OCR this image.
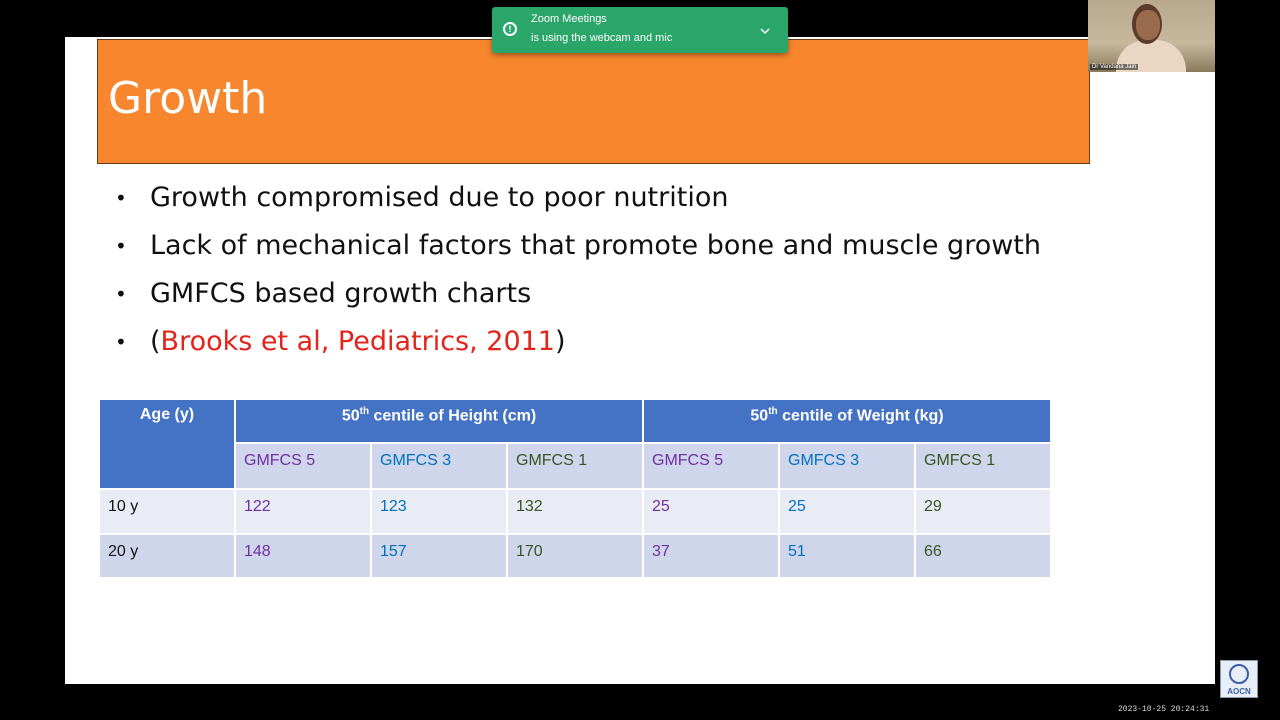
Growth
• Growth compromised due to poor nutrition
• Lack of mechanical factors that promote bone and muscle growth
• GMFCS based growth charts
• (Brooks et al, Pediatrics, 2011)
Age (y)	50th centile of Height (cm)			50th centile of Weight (kg)		
	GMFCS 5	GMFCS 3	GMFCS 1	GMFCS 5	GMFCS 3	GMFCS 1
10 y	122	123	132	25	25	29
20 y	148	157	170	37	51	66
!
Zoom Meetings
is using the webcam and mic
Dr Vandana Jain
2023-10-25 20:24:31
AOCN
